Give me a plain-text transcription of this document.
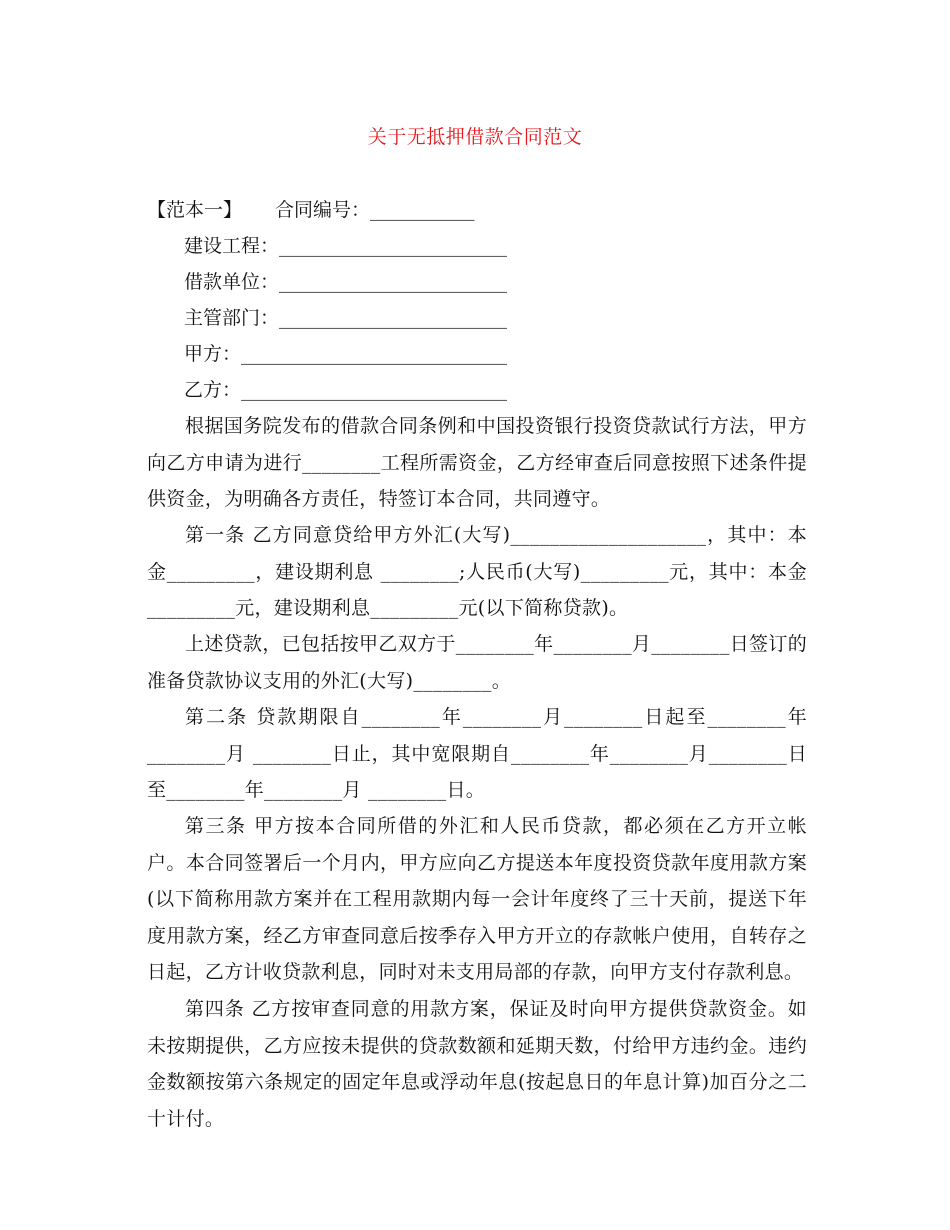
关于无抵押借款合同范文
【范本一】 合同编号：___________
建设工程：________________________
借款单位：________________________
主管部门：________________________
甲方：____________________________
乙方：____________________________

根据国务院发布的借款合同条例和中国投资银行投资贷款试行方法，甲方向乙方申请为进行________工程所需资金，乙方经审查后同意按照下述条件提供资金，为明确各方责任，特签订本合同，共同遵守。

第一条 乙方同意贷给甲方外汇(大写)____________________，其中：本金_________，建设期利息 ________;人民币(大写)_________元，其中：本金_________元，建设期利息_________元(以下简称贷款)。

上述贷款，已包括按甲乙双方于________年________月________日签订的准备贷款协议支用的外汇(大写)________。

第二条 贷款期限自________年________月________日起至________年________月 ________日止，其中宽限期自________年________月________日至________年________月 ________日。

第三条 甲方按本合同所借的外汇和人民币贷款，都必须在乙方开立帐户。本合同签署后一个月内，甲方应向乙方提送本年度投资贷款年度用款方案 (以下简称用款方案并在工程用款期内每一会计年度终了三十天前，提送下年度用款方案，经乙方审查同意后按季存入甲方开立的存款帐户使用，自转存之日起，乙方计收贷款利息，同时对未支用局部的存款，向甲方支付存款利息。

第四条 乙方按审查同意的用款方案，保证及时向甲方提供贷款资金。如未按期提供，乙方应按未提供的贷款数额和延期天数，付给甲方违约金。违约金数额按第六条规定的固定年息或浮动年息(按起息日的年息计算)加百分之二十计付。
